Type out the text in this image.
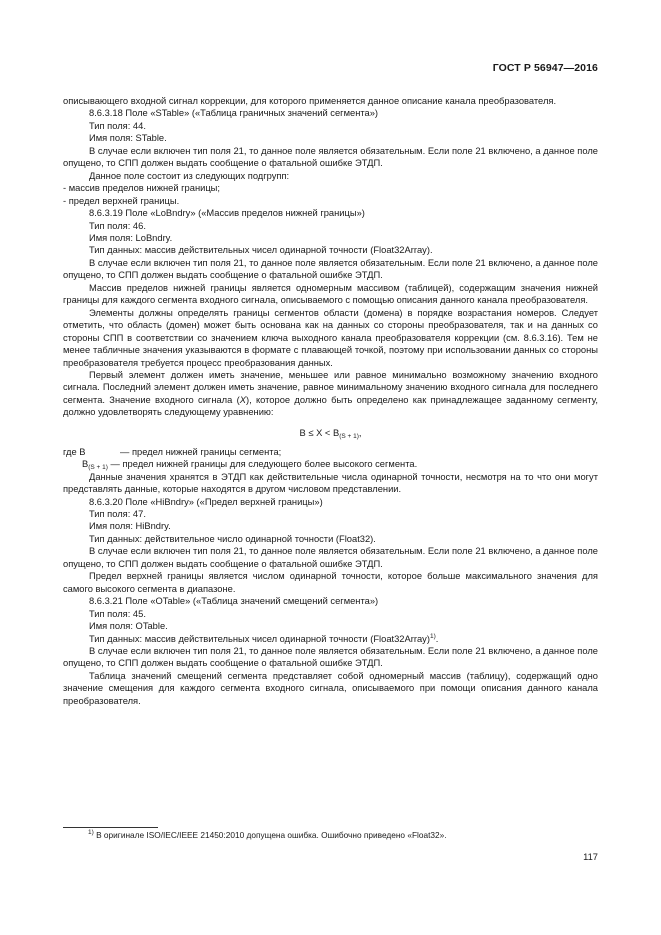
ГОСТ Р 56947—2016

описывающего входной сигнал коррекции, для которого применяется данное описание канала преобразователя.

8.6.3.18 Поле «STable» («Таблица граничных значений сегмента»)

Тип поля: 44.

Имя поля: STable.

В случае если включен тип поля 21, то данное поле является обязательным. Если поле 21 включено, а данное поле опущено, то СПП должен выдать сообщение о фатальной ошибке ЭТДП.

Данное поле состоит из следующих подгрупп:

- массив пределов нижней границы;

- предел верхней границы.

8.6.3.19 Поле «LoBndry» («Массив пределов нижней границы»)

Тип поля: 46.

Имя поля: LoBndry.

Тип данных: массив действительных чисел одинарной точности (Float32Array).

В случае если включен тип поля 21, то данное поле является обязательным. Если поле 21 включено, а данное поле опущено, то СПП должен выдать сообщение о фатальной ошибке ЭТДП.

Массив пределов нижней границы является одномерным массивом (таблицей), содержащим значения нижней границы для каждого сегмента входного сигнала, описываемого с помощью описания данного канала преобразователя.

Элементы должны определять границы сегментов области (домена) в порядке возрастания номеров. Следует отметить, что область (домен) может быть основана как на данных со стороны преобразователя, так и на данных со стороны СПП в соответствии со значением ключа выходного канала преобразователя коррекции (см. 8.6.3.16). Тем не менее табличные значения указываются в формате с плавающей точкой, поэтому при использовании данных со стороны преобразователя требуется процесс преобразования данных.

Первый элемент должен иметь значение, меньшее или равное минимально возможному значению входного сигнала. Последний элемент должен иметь значение, равное минимальному значению входного сигнала для последнего сегмента. Значение входного сигнала (X), которое должно быть определено как принадлежащее заданному сегменту, должно удовлетворять следующему уравнению:

$B \le X < B_{(S + 1)}$,
где B	— предел нижней границы сегмента;
$B_{(S + 1)}$ — предел нижней границы для следующего более высокого сегмента.

Данные значения хранятся в ЭТДП как действительные числа одинарной точности, несмотря на то что они могут представлять данные, которые находятся в другом числовом представлении.

8.6.3.20 Поле «HiBndry» («Предел верхней границы»)

Тип поля: 47.

Имя поля: HiBndry.

Тип данных: действительное число одинарной точности (Float32).

В случае если включен тип поля 21, то данное поле является обязательным. Если поле 21 включено, а данное поле опущено, то СПП должен выдать сообщение о фатальной ошибке ЭТДП.

Предел верхней границы является числом одинарной точности, которое больше максимального значения для самого высокого сегмента в диапазоне.

8.6.3.21 Поле «OTable» («Таблица значений смещений сегмента»)

Тип поля: 45.

Имя поля: OTable.

Тип данных: массив действительных чисел одинарной точности (Float32Array)$^{1)}$.

В случае если включен тип поля 21, то данное поле является обязательным. Если поле 21 включено, а данное поле опущено, то СПП должен выдать сообщение о фатальной ошибке ЭТДП.

Таблица значений смещений сегмента представляет собой одномерный массив (таблицу), содержащий одно значение смещения для каждого сегмента входного сигнала, описываемого при помощи описания данного канала преобразователя.

$^{1)}$ В оригинале ISO/IEC/IEEE 21450:2010 допущена ошибка. Ошибочно приведено «Float32».
117
